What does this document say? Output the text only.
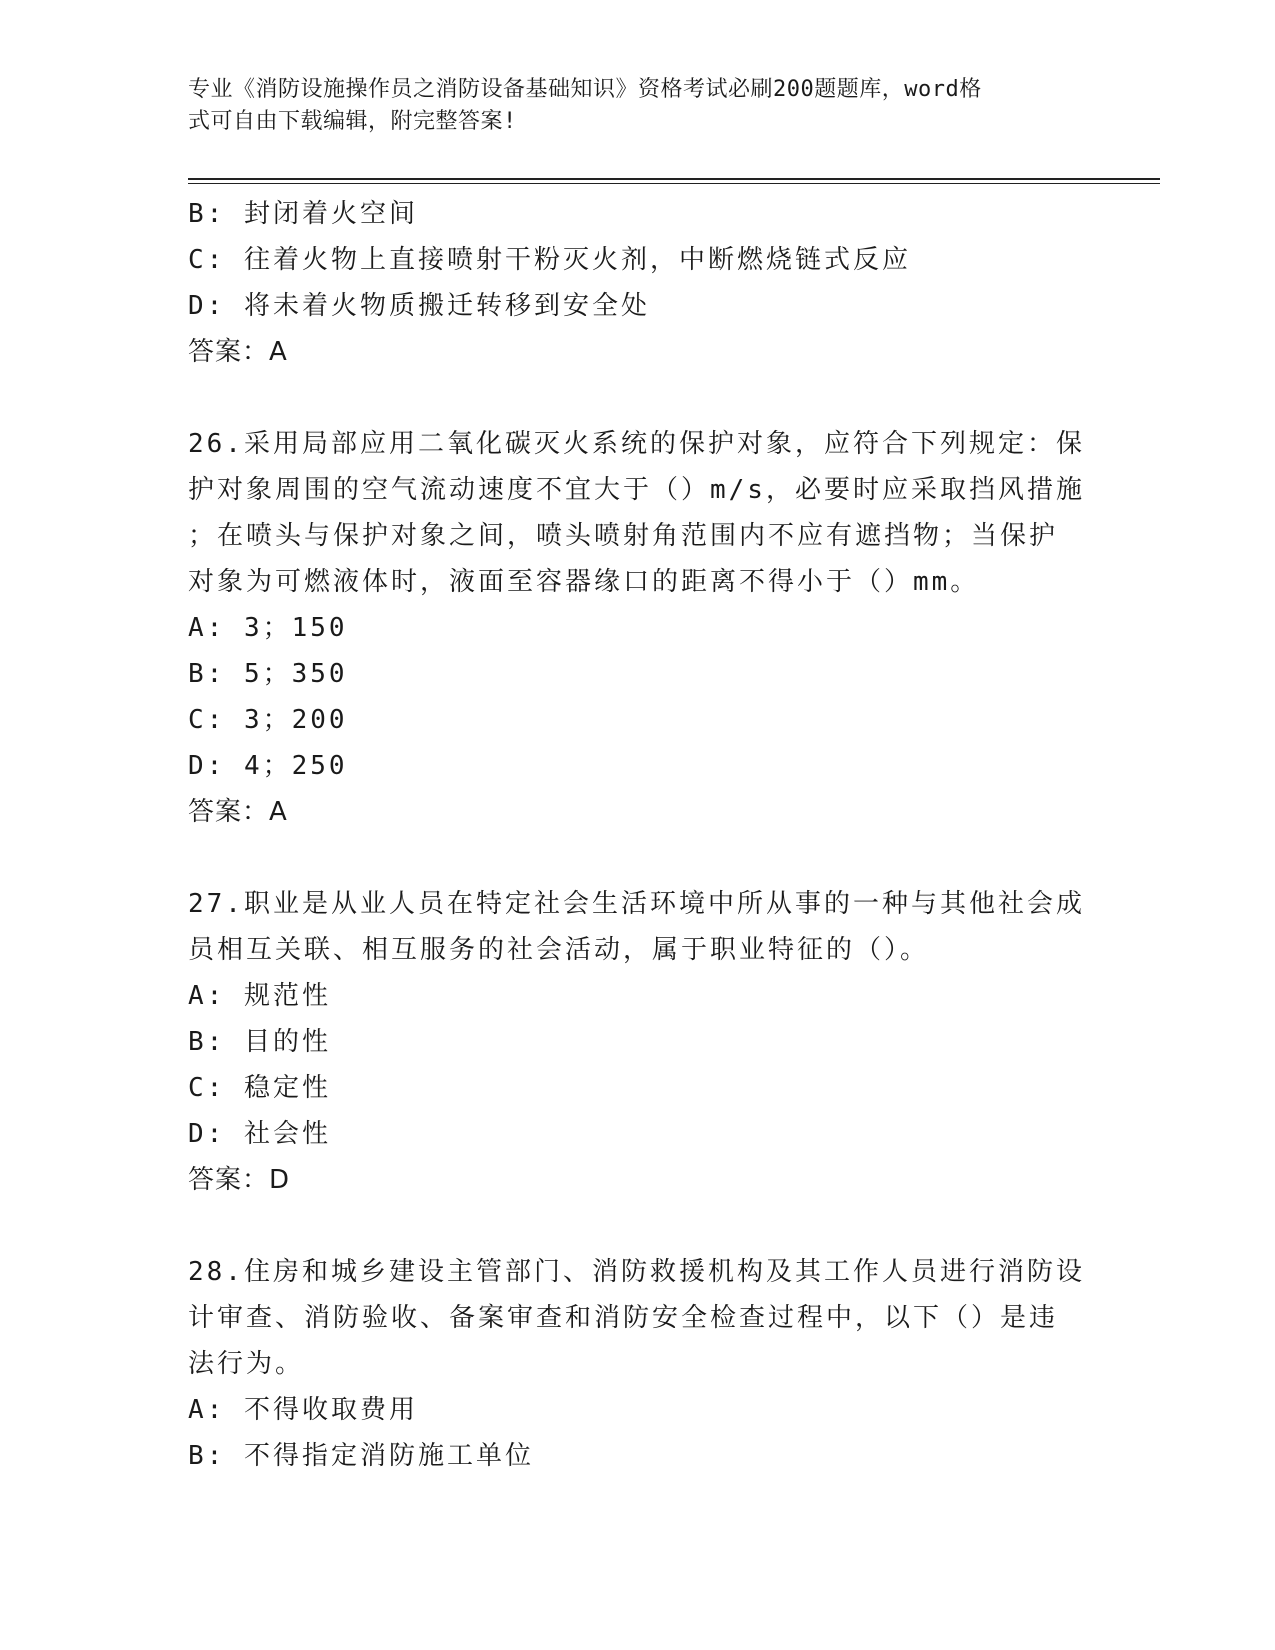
专业《消防设施操作员之消防设备基础知识》资格考试必刷200题题库，word格
式可自由下载编辑，附完整答案!
B: 封闭着火空间
C: 往着火物上直接喷射干粉灭火剂，中断燃烧链式反应
D: 将未着火物质搬迁转移到安全处
答案：A
26.采用局部应用二氧化碳灭火系统的保护对象，应符合下列规定：保
护对象周围的空气流动速度不宜大于（）m/s，必要时应采取挡风措施
；在喷头与保护对象之间，喷头喷射角范围内不应有遮挡物；当保护
对象为可燃液体时，液面至容器缘口的距离不得小于（）mm。
A: 3；150
B: 5；350
C: 3；200
D: 4；250
答案：A
27.职业是从业人员在特定社会生活环境中所从事的一种与其他社会成
员相互关联、相互服务的社会活动，属于职业特征的（）。
A: 规范性
B: 目的性
C: 稳定性
D: 社会性
答案：D
28.住房和城乡建设主管部门、消防救援机构及其工作人员进行消防设
计审查、消防验收、备案审查和消防安全检查过程中，以下（）是违
法行为。
A: 不得收取费用
B: 不得指定消防施工单位
